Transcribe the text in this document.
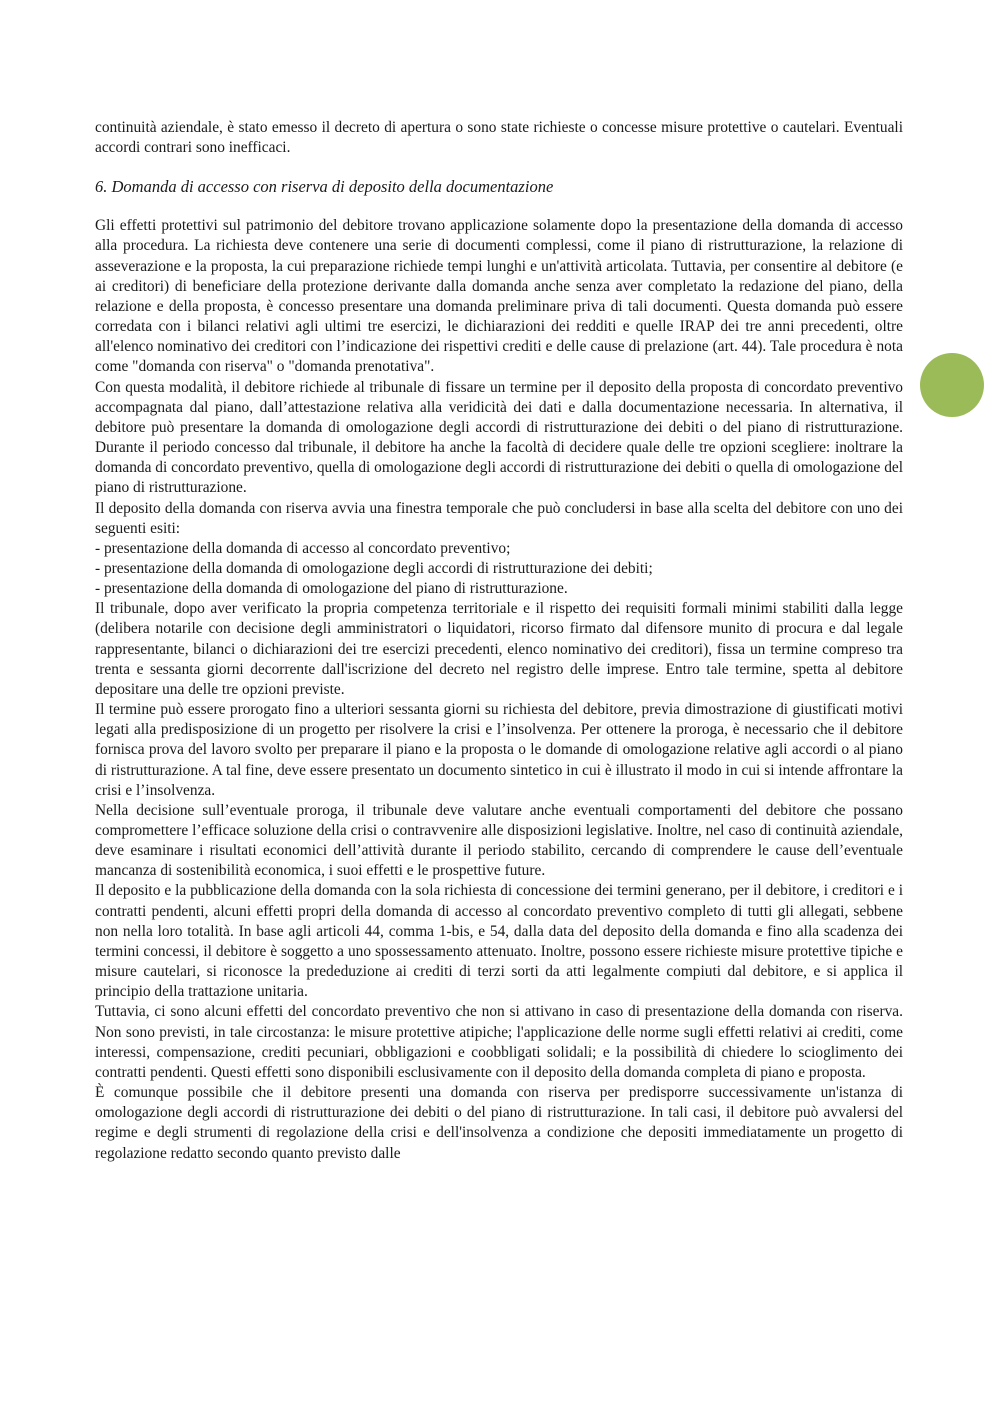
continuità aziendale, è stato emesso il decreto di apertura o sono state richieste o concesse misure protettive o cautelari. Eventuali accordi contrari sono inefficaci.

6. Domanda di accesso con riserva di deposito della documentazione

Gli effetti protettivi sul patrimonio del debitore trovano applicazione solamente dopo la presentazione della domanda di accesso alla procedura. La richiesta deve contenere una serie di documenti complessi, come il piano di ristrutturazione, la relazione di asseverazione e la proposta, la cui preparazione richiede tempi lunghi e un'attività articolata. Tuttavia, per consentire al debitore (e ai creditori) di beneficiare della protezione derivante dalla domanda anche senza aver completato la redazione del piano, della relazione e della proposta, è concesso presentare una domanda preliminare priva di tali documenti. Questa domanda può essere corredata con i bilanci relativi agli ultimi tre esercizi, le dichiarazioni dei redditi e quelle IRAP dei tre anni precedenti, oltre all'elenco nominativo dei creditori con l’indicazione dei rispettivi crediti e delle cause di prelazione (art. 44). Tale procedura è nota come "domanda con riserva" o "domanda prenotativa".

Con questa modalità, il debitore richiede al tribunale di fissare un termine per il deposito della proposta di concordato preventivo accompagnata dal piano, dall’attestazione relativa alla veridicità dei dati e dalla documentazione necessaria. In alternativa, il debitore può presentare la domanda di omologazione degli accordi di ristrutturazione dei debiti o del piano di ristrutturazione. Durante il periodo concesso dal tribunale, il debitore ha anche la facoltà di decidere quale delle tre opzioni scegliere: inoltrare la domanda di concordato preventivo, quella di omologazione degli accordi di ristrutturazione dei debiti o quella di omologazione del piano di ristrutturazione.

Il deposito della domanda con riserva avvia una finestra temporale che può concludersi in base alla scelta del debitore con uno dei seguenti esiti:

- presentazione della domanda di accesso al concordato preventivo;

- presentazione della domanda di omologazione degli accordi di ristrutturazione dei debiti;

- presentazione della domanda di omologazione del piano di ristrutturazione.

Il tribunale, dopo aver verificato la propria competenza territoriale e il rispetto dei requisiti formali minimi stabiliti dalla legge (delibera notarile con decisione degli amministratori o liquidatori, ricorso firmato dal difensore munito di procura e dal legale rappresentante, bilanci o dichiarazioni dei tre esercizi precedenti, elenco nominativo dei creditori), fissa un termine compreso tra trenta e sessanta giorni decorrente dall'iscrizione del decreto nel registro delle imprese. Entro tale termine, spetta al debitore depositare una delle tre opzioni previste.

Il termine può essere prorogato fino a ulteriori sessanta giorni su richiesta del debitore, previa dimostrazione di giustificati motivi legati alla predisposizione di un progetto per risolvere la crisi e l’insolvenza. Per ottenere la proroga, è necessario che il debitore fornisca prova del lavoro svolto per preparare il piano e la proposta o le domande di omologazione relative agli accordi o al piano di ristrutturazione. A tal fine, deve essere presentato un documento sintetico in cui è illustrato il modo in cui si intende affrontare la crisi e l’insolvenza.

Nella decisione sull’eventuale proroga, il tribunale deve valutare anche eventuali comportamenti del debitore che possano compromettere l’efficace soluzione della crisi o contravvenire alle disposizioni legislative. Inoltre, nel caso di continuità aziendale, deve esaminare i risultati economici dell’attività durante il periodo stabilito, cercando di comprendere le cause dell’eventuale mancanza di sostenibilità economica, i suoi effetti e le prospettive future.

Il deposito e la pubblicazione della domanda con la sola richiesta di concessione dei termini generano, per il debitore, i creditori e i contratti pendenti, alcuni effetti propri della domanda di accesso al concordato preventivo completo di tutti gli allegati, sebbene non nella loro totalità. In base agli articoli 44, comma 1-bis, e 54, dalla data del deposito della domanda e fino alla scadenza dei termini concessi, il debitore è soggetto a uno spossessamento attenuato. Inoltre, possono essere richieste misure protettive tipiche e misure cautelari, si riconosce la prededuzione ai crediti di terzi sorti da atti legalmente compiuti dal debitore, e si applica il principio della trattazione unitaria.

Tuttavia, ci sono alcuni effetti del concordato preventivo che non si attivano in caso di presentazione della domanda con riserva. Non sono previsti, in tale circostanza: le misure protettive atipiche; l'applicazione delle norme sugli effetti relativi ai crediti, come interessi, compensazione, crediti pecuniari, obbligazioni e coobbligati solidali; e la possibilità di chiedere lo scioglimento dei contratti pendenti. Questi effetti sono disponibili esclusivamente con il deposito della domanda completa di piano e proposta.

È comunque possibile che il debitore presenti una domanda con riserva per predisporre successivamente un'istanza di omologazione degli accordi di ristrutturazione dei debiti o del piano di ristrutturazione. In tali casi, il debitore può avvalersi del regime e degli strumenti di regolazione della crisi e dell'insolvenza a condizione che depositi immediatamente un progetto di regolazione redatto secondo quanto previsto dalle
